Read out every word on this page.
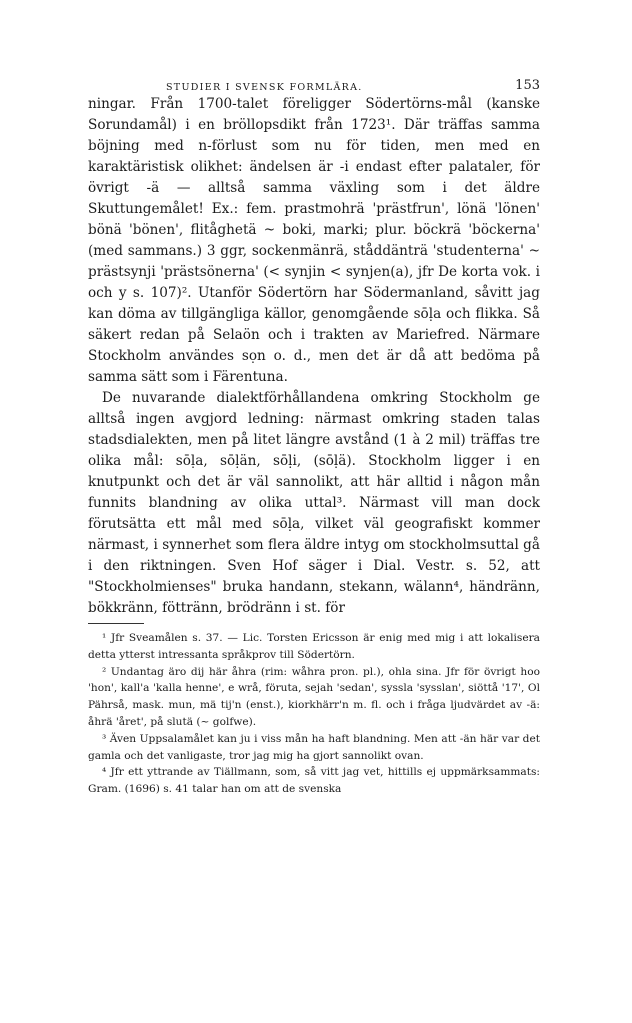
STUDIER I SVENSK FORMLÄRA.	153

ningar. Från 1700-talet föreligger Södertörns-mål (kanske Sorundamål) i en bröllopsdikt från 1723¹. Där träffas samma böjning med n-förlust som nu för tiden, men med en karaktäristisk olikhet: ändelsen är -i endast efter palataler, för övrigt -ä — alltså samma växling som i det äldre Skuttungemålet! Ex.: fem. prastmohrä 'prästfrun', lönä 'lönen' bönä 'bönen', flitåghetä ~ boki, marki; plur. böckrä 'böckerna' (med sammans.) 3 ggr, sockenmänrä, ståddänträ 'studenterna' ~ prästsynji 'prästsönerna' (< synjin < synjen(a), jfr De korta vok. i och y s. 107)². Utanför Södertörn har Södermanland, såvitt jag kan döma av tillgängliga källor, genomgående sōḷa och flikka. Så säkert redan på Selaön och i trakten av Mariefred. Närmare Stockholm användes sọn o. d., men det är då att bedöma på samma sätt som i Färentuna.

De nuvarande dialektförhållandena omkring Stockholm ge alltså ingen avgjord ledning: närmast omkring staden talas stadsdialekten, men på litet längre avstånd (1 à 2 mil) träffas tre olika mål: sōḷa, sōḷän, sōḷi, (sōḷä). Stockholm ligger i en knutpunkt och det är väl sannolikt, att här alltid i någon mån funnits blandning av olika uttal³. Närmast vill man dock förutsätta ett mål med sōḷa, vilket väl geografiskt kommer närmast, i synnerhet som flera äldre intyg om stockholmsuttal gå i den riktningen. Sven Hof säger i Dial. Vestr. s. 52, att "Stockholmienses" bruka handann, stekann, wälann⁴, händränn, bökkränn, föttränn, brödränn i st. för

¹ Jfr Sveamålen s. 37. — Lic. Torsten Ericsson är enig med mig i att lokalisera detta ytterst intressanta språkprov till Södertörn.

² Undantag äro dij här åhra (rim: wåhra pron. pl.), ohla sina. Jfr för övrigt hoo 'hon', kall'a 'kalla henne', e wrå, föruta, sejah 'sedan', syssla 'sysslan', siöttå '17', Ol Pährså, mask. mun, mä tij'n (enst.), kiorkhärr'n m. fl. och i fråga ljudvärdet av -ä: åhrä 'året', på slutä (~ golfwe).

³ Även Uppsalamålet kan ju i viss mån ha haft blandning. Men att -än här var det gamla och det vanligaste, tror jag mig ha gjort sannolikt ovan.

⁴ Jfr ett yttrande av Tiällmann, som, så vitt jag vet, hittills ej uppmärksammats: Gram. (1696) s. 41 talar han om att de svenska
